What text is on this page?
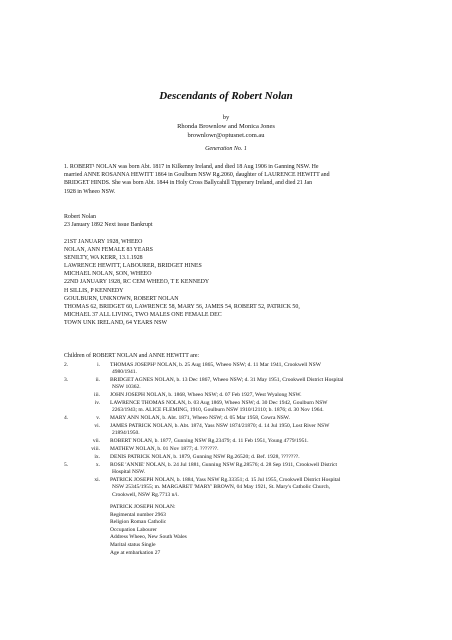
Descendants of Robert Nolan
by
Rhonda Brownlow and Monica Jones
brownlowr@optusnet.com.au
Generation No. 1
1. ROBERT¹ NOLAN was born Abt. 1817 in Kilkenny Ireland, and died 18 Aug 1906 in Ganning NSW. He
married ANNE ROSANNA HEWITT 1864 in Goulburn NSW Rg.2060, daughter of LAURENCE HEWITT and
BRIDGET HINDS. She was born Abt. 1844 in Holy Cross Ballycahill Tipperary Ireland, and died 21 Jan
1928 in Wheeo NSW.
Robert Nolan
23 January 1892 Next issue Bankrupt
21ST JANUARY 1928, WHEEO
NOLAN, ANN FEMALE 83 YEARS
SENILTY, WA KERR, 13.1.1928
LAWRENCE HEWITT, LABOURER, BRIDGET HINES
MICHAEL NOLAN, SON, WHEEO
22ND JANUARY 1928, RC CEM WHEEO, T E KENNEDY
H SILLIS, P KENNEDY
GOULBURN, UNKNOWN, ROBERT NOLAN
THOMAS 62, BRIDGET 60, LAWRENCE 58, MARY 56, JAMES 54, ROBERT 52, PATRICK 50,
MICHAEL 37 ALL LIVING, TWO MALES ONE FEMALE DEC
TOWN UNK IRELAND, 64 YEARS NSW
Children of ROBERT NOLAN and ANNE HEWITT are:
2.	i. THOMAS JOSEPH² NOLAN, b. 25 Aug 1865, Wheeo NSW; d. 11 Mar 1941, Crookwell NSW
4980/1941.
3.	ii. BRIDGET AGNES NOLAN, b. 13 Dec 1867, Wheeo NSW; d. 31 May 1951, Crookwell District Hospital
NSW 10362.
iii. JOHN JOSEPH NOLAN, b. 1868, Wheeo NSW; d. 07 Feb 1927, West Wyalong NSW.
iv. LAWRENCE THOMAS NOLAN, b. 03 Aug 1869, Wheeo NSW; d. 30 Dec 1942, Goulburn NSW
2263/1943; m. ALICE FLEMING, 1910, Goulburn NSW 1910/12110; b. 1876; d. 30 Nov 1964.
4.	v. MARY ANN NOLAN, b. Abt. 1871, Wheeo NSW; d. 05 Mar 1958, Cowra NSW.
vi. JAMES PATRICK NOLAN, b. Abt. 1874, Yass NSW 1874/21870; d. 14 Jul 1950, Lost River NSW
21894/1950.
vii. ROBERT NOLAN, b. 1877, Gunning NSW Rg.23479; d. 11 Feb 1951, Young 4779/1951.
viii. MATHEW NOLAN, b. 01 Nov 1877; d. ???????.
ix. DENIS PATRICK NOLAN, b. 1879, Gunning NSW Rg.26520; d. Bef. 1928, ???????.
5.	x. ROSE 'ANNIE' NOLAN, b. 24 Jul 1881, Gunning NSW Rg.28576; d. 28 Sep 1911, Crookwell District
Hospital NSW.
xi. PATRICK JOSEPH NOLAN, b. 1884, Yass NSW Rg.33351; d. 15 Jul 1955, Crookwell District Hospital
NSW 25345/1955; m. MARGARET 'MARY' BROWN, 04 May 1921, St. Mary's Catholic Church,
Crookwell, NSW Rg.7713 n/i.
PATRICK JOSEPH NOLAN:
Regimental number 2963
Religion Roman Catholic
Occupation Labourer
Address Wheeo, New South Wales
Marital status Single
Age at embarkation 27
